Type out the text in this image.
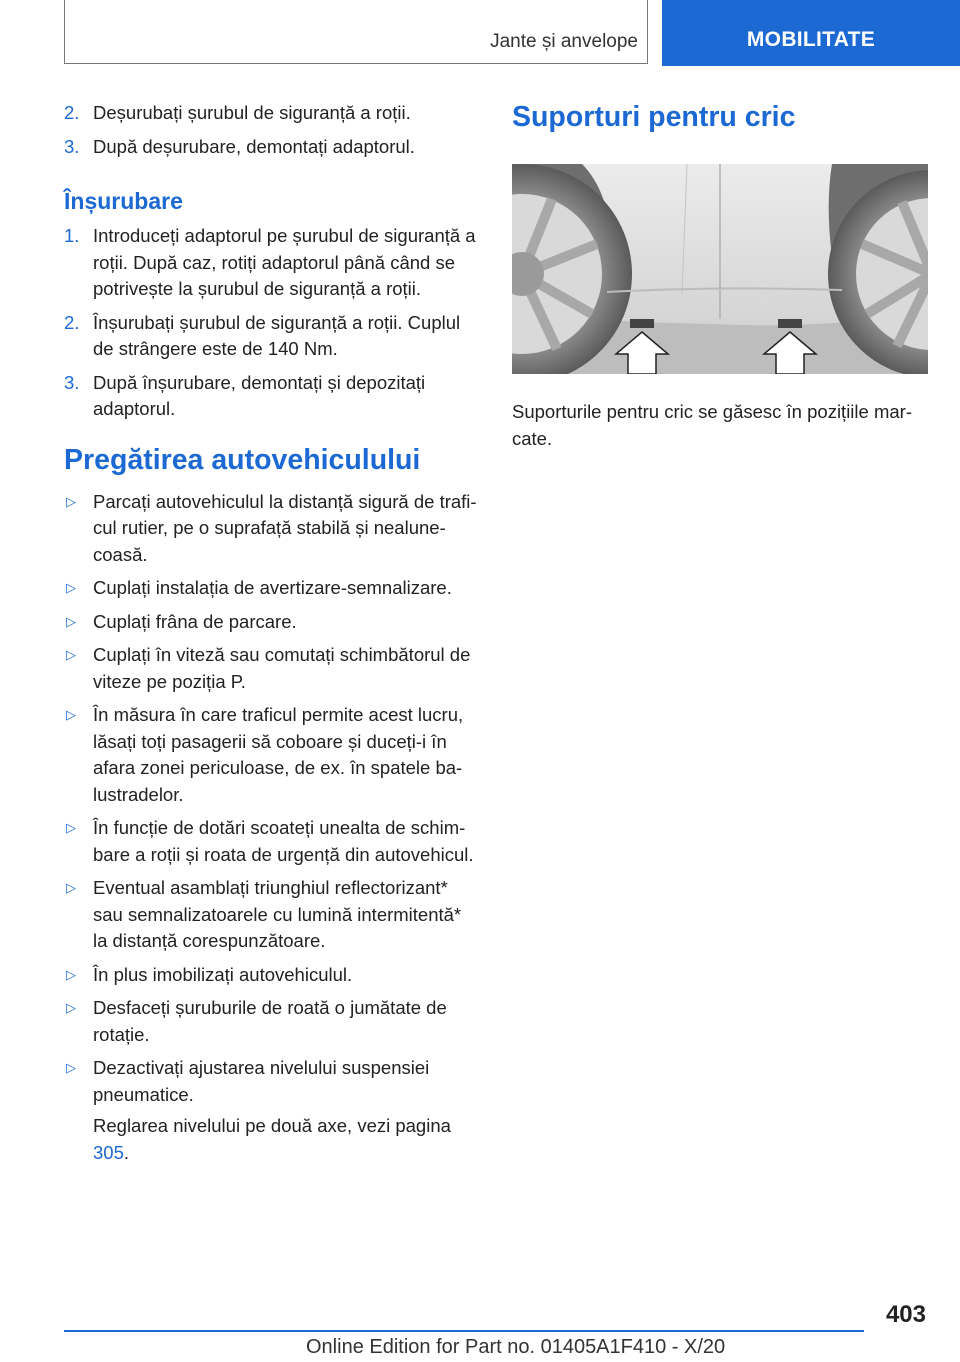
Jante și anvelope	MOBILITATE
2. Deșurubați șurubul de siguranță a roții.
3. După deșurubare, demontați adaptorul.
Înșurubare
1. Introduceți adaptorul pe șurubul de siguranță a roții. După caz, rotiți adaptorul până când se potrivește la șurubul de siguranță a roții.
2. Înșurubați șurubul de siguranță a roții. Cuplul de strângere este de 140 Nm.
3. După înșurubare, demontați și depozitați adaptorul.
Pregătirea autovehiculului
▷ Parcați autovehiculul la distanță sigură de traficul rutier, pe o suprafață stabilă și nealunecoasă.
▷ Cuplați instalația de avertizare-semnalizare.
▷ Cuplați frâna de parcare.
▷ Cuplați în viteză sau comutați schimbătorul de viteze pe poziția P.
▷ În măsura în care traficul permite acest lucru, lăsați toți pasagerii să coboare și duceți-i în afara zonei periculoase, de ex. în spatele balustradelor.
▷ În funcție de dotări scoateți unealta de schimbare a roții și roata de urgență din autovehicul.
▷ Eventual asamblați triunghiul reflectorizant* sau semnalizatoarele cu lumină intermitentă* la distanță corespunzătoare.
▷ În plus imobilizați autovehiculul.
▷ Desfaceți șuruburile de roată o jumătate de rotație.
▷ Dezactivați ajustarea nivelului suspensiei pneumatice.
Reglarea nivelului pe două axe, vezi pagina 305.
Suporturi pentru cric

Suporturile pentru cric se găsesc în pozițiile marcate.

403
Online Edition for Part no. 01405A1F410 - X/20
